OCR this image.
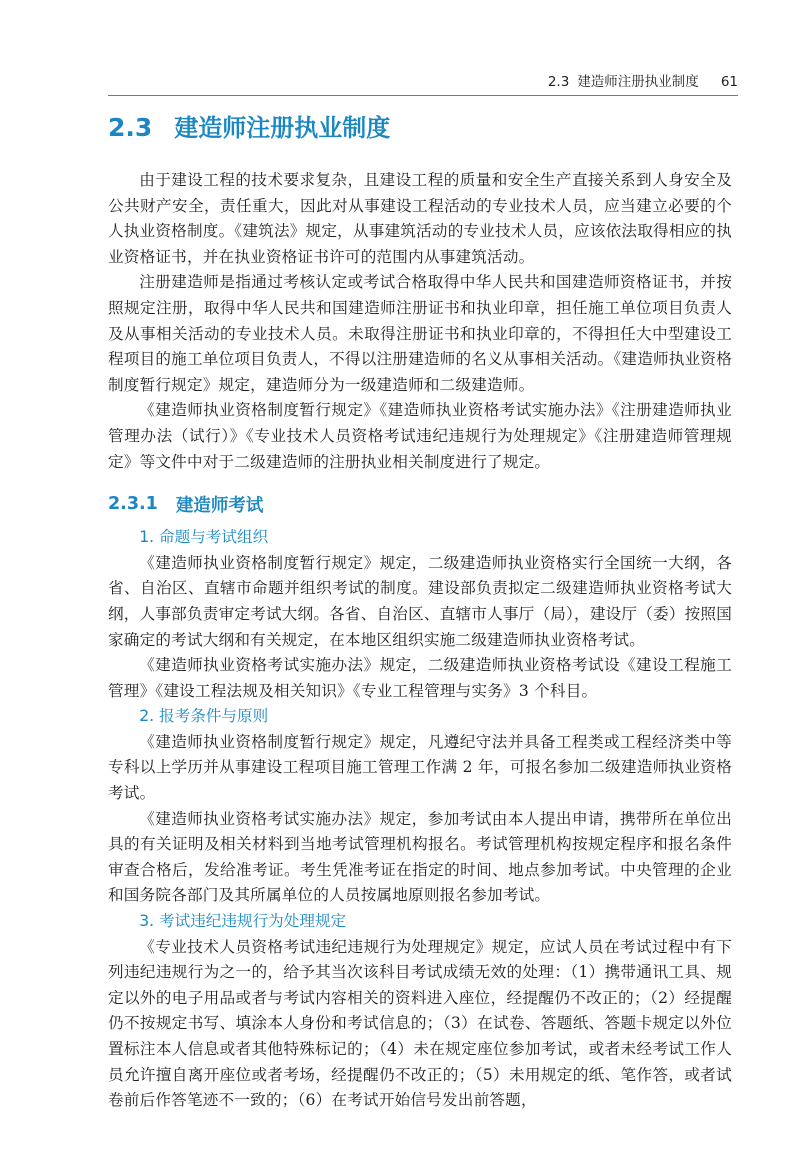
2.3 建造师注册执业制度 61
2.3 建造师注册执业制度

由于建设工程的技术要求复杂，且建设工程的质量和安全生产直接关系到人身安全及公共财产安全，责任重大，因此对从事建设工程活动的专业技术人员，应当建立必要的个人执业资格制度。《建筑法》规定，从事建筑活动的专业技术人员，应该依法取得相应的执业资格证书，并在执业资格证书许可的范围内从事建筑活动。

注册建造师是指通过考核认定或考试合格取得中华人民共和国建造师资格证书，并按照规定注册，取得中华人民共和国建造师注册证书和执业印章，担任施工单位项目负责人及从事相关活动的专业技术人员。未取得注册证书和执业印章的，不得担任大中型建设工程项目的施工单位项目负责人，不得以注册建造师的名义从事相关活动。《建造师执业资格制度暂行规定》规定，建造师分为一级建造师和二级建造师。

《建造师执业资格制度暂行规定》《建造师执业资格考试实施办法》《注册建造师执业管理办法（试行）》《专业技术人员资格考试违纪违规行为处理规定》《注册建造师管理规定》等文件中对于二级建造师的注册执业相关制度进行了规定。

2.3.1 建造师考试
1. 命题与考试组织

《建造师执业资格制度暂行规定》规定，二级建造师执业资格实行全国统一大纲，各省、自治区、直辖市命题并组织考试的制度。建设部负责拟定二级建造师执业资格考试大纲，人事部负责审定考试大纲。各省、自治区、直辖市人事厅（局），建设厅（委）按照国家确定的考试大纲和有关规定，在本地区组织实施二级建造师执业资格考试。

《建造师执业资格考试实施办法》规定，二级建造师执业资格考试设《建设工程施工管理》《建设工程法规及相关知识》《专业工程管理与实务》3 个科目。

2. 报考条件与原则

《建造师执业资格制度暂行规定》规定，凡遵纪守法并具备工程类或工程经济类中等专科以上学历并从事建设工程项目施工管理工作满 2 年，可报名参加二级建造师执业资格考试。

《建造师执业资格考试实施办法》规定，参加考试由本人提出申请，携带所在单位出具的有关证明及相关材料到当地考试管理机构报名。考试管理机构按规定程序和报名条件审查合格后，发给准考证。考生凭准考证在指定的时间、地点参加考试。中央管理的企业和国务院各部门及其所属单位的人员按属地原则报名参加考试。

3. 考试违纪违规行为处理规定

《专业技术人员资格考试违纪违规行为处理规定》规定，应试人员在考试过程中有下列违纪违规行为之一的，给予其当次该科目考试成绩无效的处理：（1）携带通讯工具、规定以外的电子用品或者与考试内容相关的资料进入座位，经提醒仍不改正的；（2）经提醒仍不按规定书写、填涂本人身份和考试信息的；（3）在试卷、答题纸、答题卡规定以外位置标注本人信息或者其他特殊标记的；（4）未在规定座位参加考试，或者未经考试工作人员允许擅自离开座位或者考场，经提醒仍不改正的；（5）未用规定的纸、笔作答，或者试卷前后作答笔迹不一致的；（6）在考试开始信号发出前答题，
